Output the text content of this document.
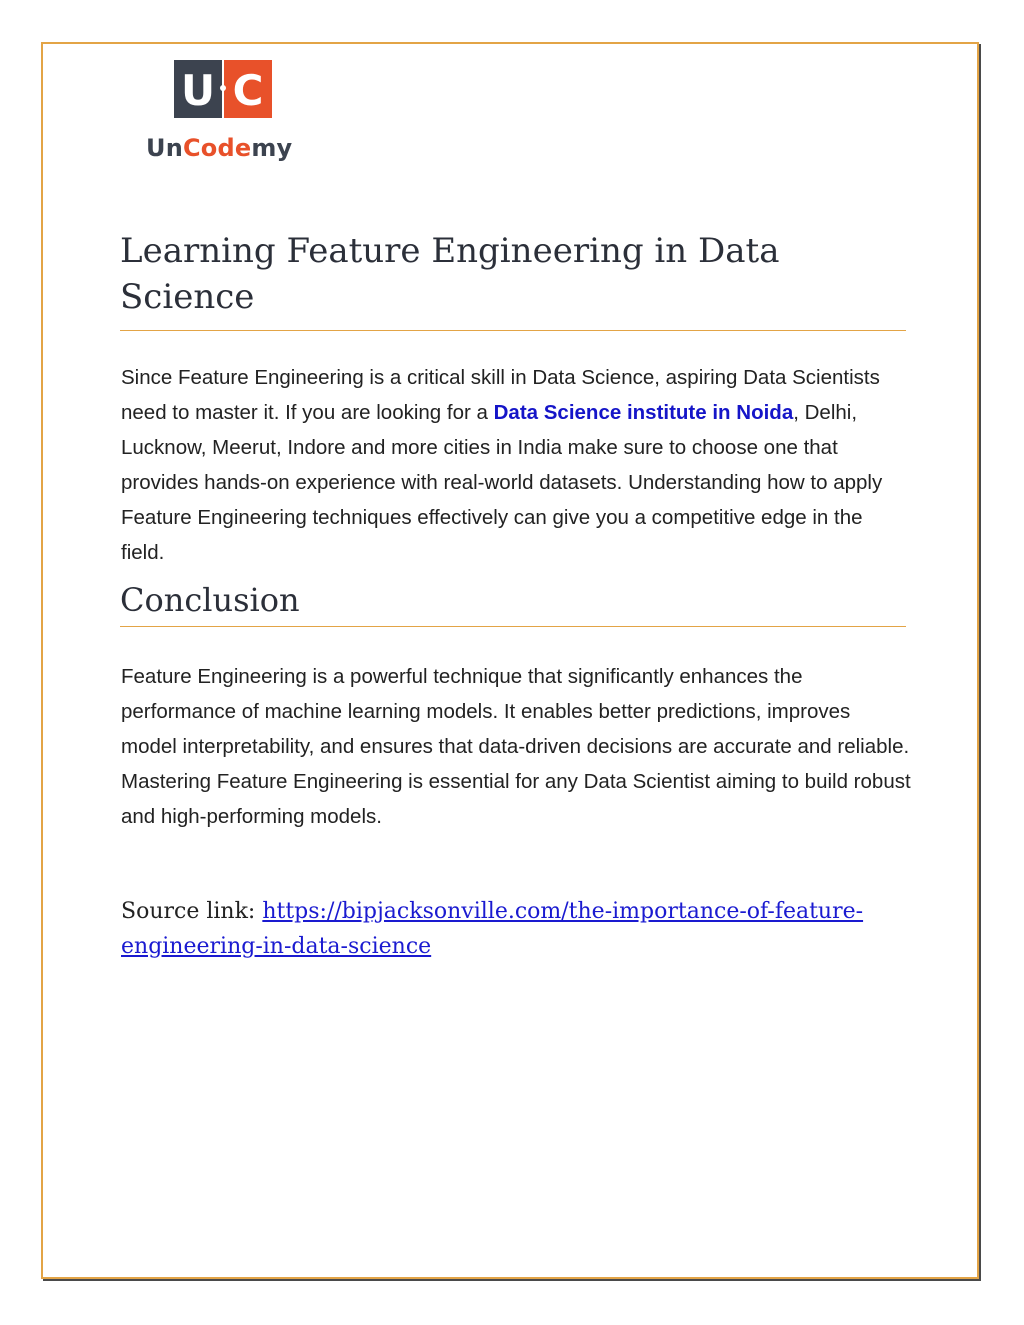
U C
UnCodemy
Learning Feature Engineering in Data Science

Since Feature Engineering is a critical skill in Data Science, aspiring Data Scientists need to master it. If you are looking for a Data Science institute in Noida, Delhi, Lucknow, Meerut, Indore and more cities in India make sure to choose one that provides hands-on experience with real-world datasets. Understanding how to apply Feature Engineering techniques effectively can give you a competitive edge in the field.

Conclusion

Feature Engineering is a powerful technique that significantly enhances the performance of machine learning models. It enables better predictions, improves model interpretability, and ensures that data-driven decisions are accurate and reliable. Mastering Feature Engineering is essential for any Data Scientist aiming to build robust and high-performing models.

Source link: https://bipjacksonville.com/the-importance-of-feature-engineering-in-data-science
